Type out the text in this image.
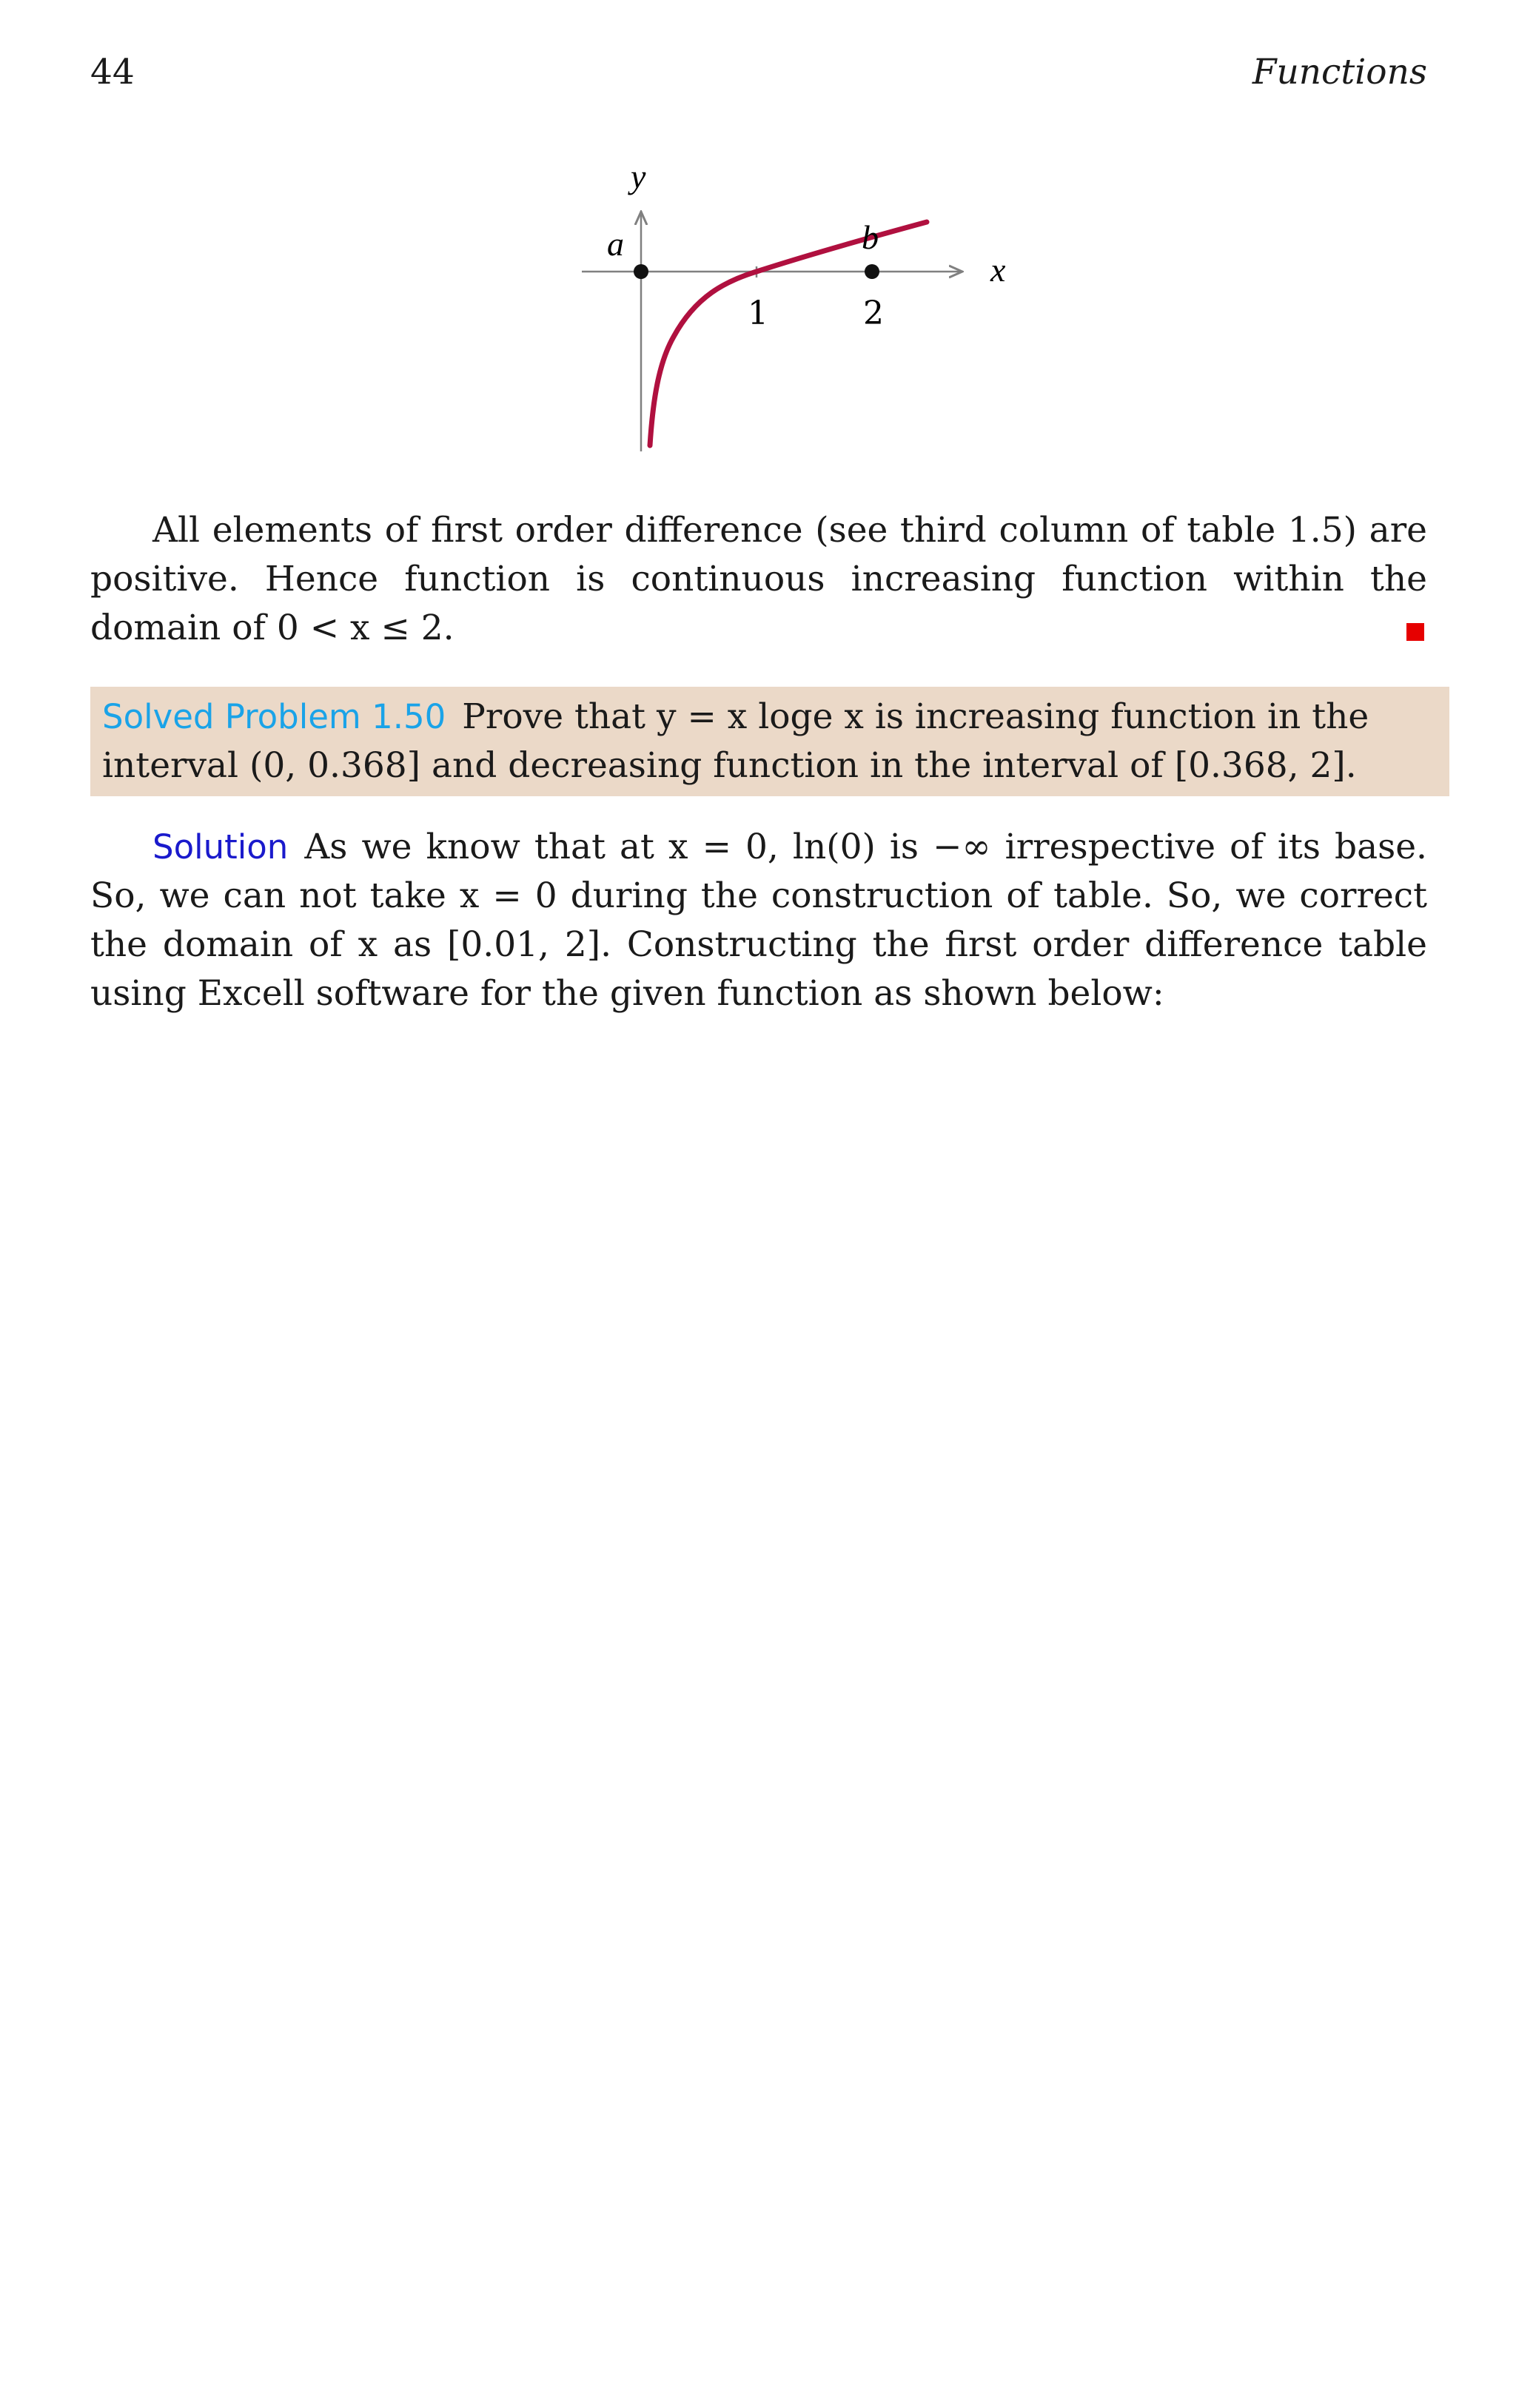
44	Functions
y
x
a	b
1	2

All elements of first order difference (see third column of table 1.5) are positive. Hence function is continuous increasing function within the domain of 0 < x ≤ 2.

Solved Problem 1.50 Prove that y = x loge x is increasing function in the interval (0, 0.368] and decreasing function in the interval of [0.368, 2].

Solution As we know that at x = 0, ln(0) is −∞ irrespective of its base. So, we can not take x = 0 during the construction of table. So, we correct the domain of x as [0.01, 2]. Constructing the first order difference table using Excell software for the given function as shown below:
